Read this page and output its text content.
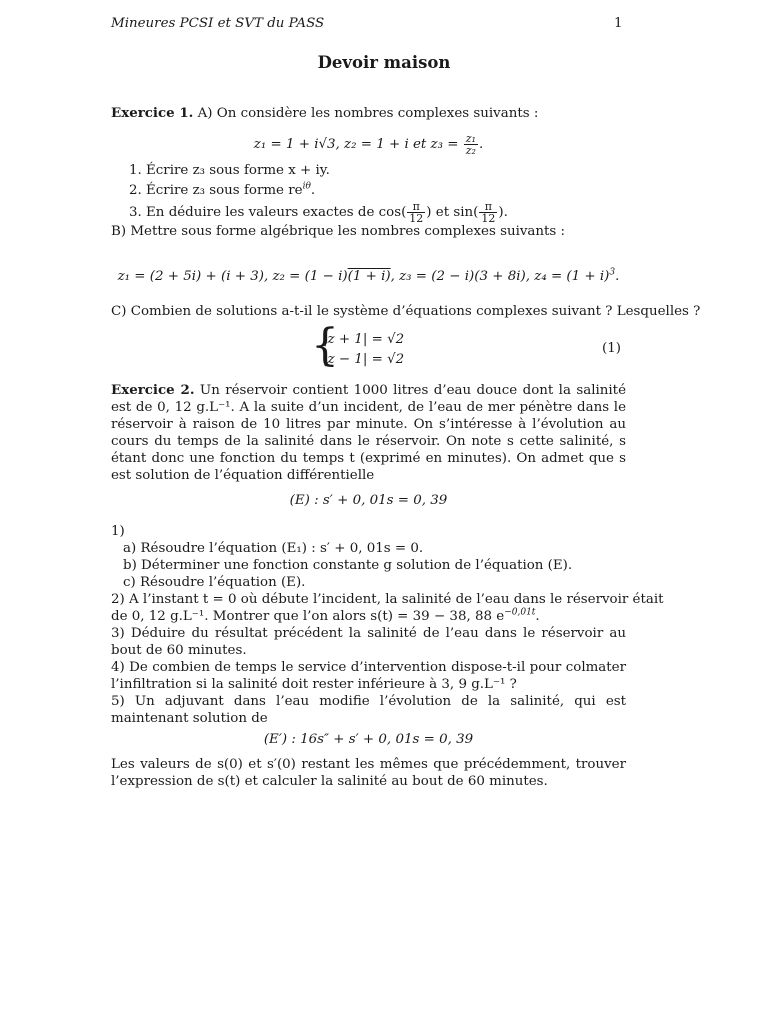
Mineures PCSI et SVT du PASS	1
Devoir maison
Exercice 1. A) On considère les nombres complexes suivants :
z₁ = 1 + i√3, z₂ = 1 + i et $z_3 = \frac{\text{z₁}}{\text{z₂}}$ .
1. Écrire z₃ sous forme x + iy.
2. Écrire z₃ sous forme $re^{i\theta}$.
3. En déduire les valeurs exactes de $\cos( \frac{\pi}{12}$ ) et $\sin( \frac{\pi}{12}$ ).
B) Mettre sous forme algébrique les nombres complexes suivants :
z₁ = (2 + 5i) + (i + 3), z₂ = (1 − i)(1 + i), z₃ = (2 − i)(3 + 8i), $z_4 = (1 + i)^3$.
C) Combien de solutions a-t-il le système d’équations complexes suivant ? Lesquelles ?
{
|z + 1| = √2
|z − 1| = √2
(1)
Exercice 2. Un réservoir contient 1000 litres d’eau douce dont la salinité est de 0, 12 g.L⁻¹. A la suite d’un incident, de l’eau de mer pénètre dans le réservoir à raison de 10 litres par minute. On s’intéresse à l’évolution au cours du temps de la salinité dans le réservoir. On note s cette salinité, s étant donc une fonction du temps t (exprimé en minutes). On admet que s est solution de l’équation différentielle
(E) : s′ + 0, 01s = 0, 39
1)
a) Résoudre l’équation (E₁) : s′ + 0, 01s = 0.
b) Déterminer une fonction constante g solution de l’équation (E).
c) Résoudre l’équation (E).
2) A l’instant t = 0 où débute l’incident, la salinité de l’eau dans le réservoir était
de 0, 12 g.L⁻¹. Montrer que l’on alors s(t) = 39 − 38, 88 $e^{-0,01t}$.
3) Déduire du résultat précédent la salinité de l’eau dans le réservoir au bout de 60 minutes.
4) De combien de temps le service d’intervention dispose-t-il pour colmater l’infiltration si la salinité doit rester inférieure à 3, 9 g.L⁻¹ ?
5) Un adjuvant dans l’eau modifie l’évolution de la salinité, qui est maintenant solution de
(E′) : 16s″ + s′ + 0, 01s = 0, 39
Les valeurs de s(0) et s′(0) restant les mêmes que précédemment, trouver l’expression de s(t) et calculer la salinité au bout de 60 minutes.
